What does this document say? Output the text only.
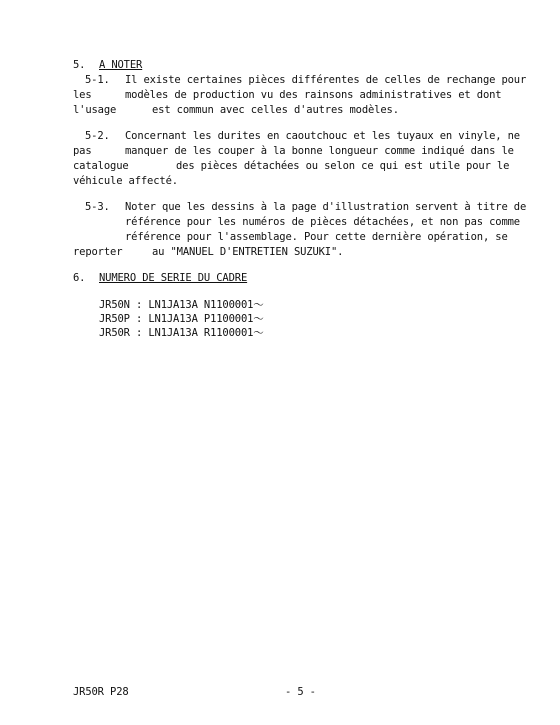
5. A NOTER
5-1. Il existe certaines pièces différentes de celles de rechange pour
les	modèles de production vu des rainsons administratives et dont
l'usage	est commun avec celles d'autres modèles.
5-2. Concernant les durites en caoutchouc et les tuyaux en vinyle, ne
pas	manquer de les couper à la bonne longueur comme indiqué dans le
catalogue	des pièces détachées ou selon ce qui est utile pour le
véhicule affecté.
5-3. Noter que les dessins à la page d'illustration servent à titre de
référence pour les numéros de pièces détachées, et non pas comme
référence pour l'assemblage. Pour cette dernière opération, se
reporter	au "MANUEL D'ENTRETIEN SUZUKI".
6. NUMERO DE SERIE DU CADRE
JR50N : LN1JA13A N1100001～
JR50P : LN1JA13A P1100001～
JR50R : LN1JA13A R1100001～
JR50R P28	- 5 -
